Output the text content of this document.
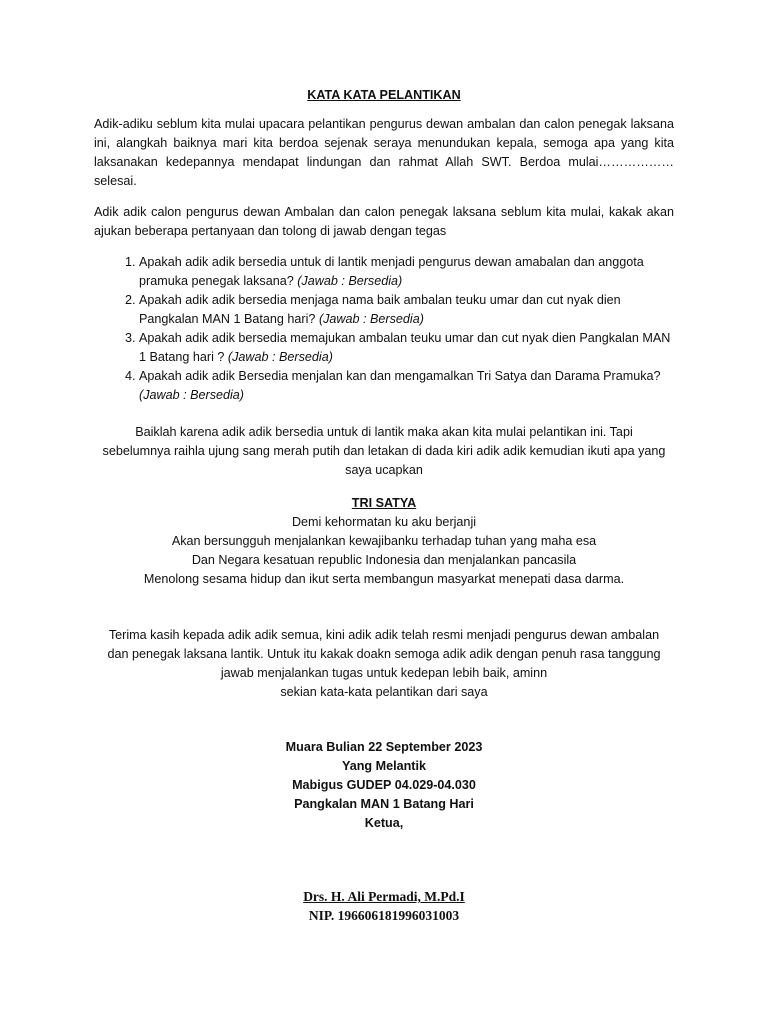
KATA KATA PELANTIKAN

Adik-adiku seblum kita mulai upacara pelantikan pengurus dewan ambalan dan calon penegak laksana ini, alangkah baiknya mari kita berdoa sejenak seraya menundukan kepala, semoga apa yang kita laksanakan kedepannya mendapat lindungan dan rahmat Allah SWT. Berdoa mulai……………… selesai.

Adik adik calon pengurus dewan Ambalan dan calon penegak laksana seblum kita mulai, kakak akan ajukan beberapa pertanyaan dan tolong di jawab dengan tegas

1. Apakah adik adik bersedia untuk di lantik menjadi pengurus dewan amabalan dan anggota pramuka penegak laksana? (Jawab : Bersedia)
2. Apakah adik adik bersedia menjaga nama baik ambalan teuku umar dan cut nyak dien Pangkalan MAN 1 Batang hari? (Jawab : Bersedia)
3. Apakah adik adik bersedia memajukan ambalan teuku umar dan cut nyak dien Pangkalan MAN 1 Batang hari ? (Jawab : Bersedia)
4. Apakah adik adik Bersedia menjalan kan dan mengamalkan Tri Satya dan Darama Pramuka? (Jawab : Bersedia)

Baiklah karena adik adik bersedia untuk di lantik maka akan kita mulai pelantikan ini. Tapi

sebelumnya raihla ujung sang merah putih dan letakan di dada kiri adik adik kemudian ikuti apa yang

saya ucapkan

TRI SATYA

Demi kehormatan ku aku berjanji

Akan bersungguh menjalankan kewajibanku terhadap tuhan yang maha esa

Dan Negara kesatuan republic Indonesia dan menjalankan pancasila

Menolong sesama hidup dan ikut serta membangun masyarkat menepati dasa darma.

Terima kasih kepada adik adik semua, kini adik adik telah resmi menjadi pengurus dewan ambalan

dan penegak laksana lantik. Untuk itu kakak doakn semoga adik adik dengan penuh rasa tanggung

jawab menjalankan tugas untuk kedepan lebih baik, aminn

sekian kata-kata pelantikan dari saya

Muara Bulian 22 September 2023

Yang Melantik

Mabigus GUDEP 04.029-04.030

Pangkalan MAN 1 Batang Hari

Ketua,

Drs. H. Ali Permadi, M.Pd.I

NIP. 196606181996031003
